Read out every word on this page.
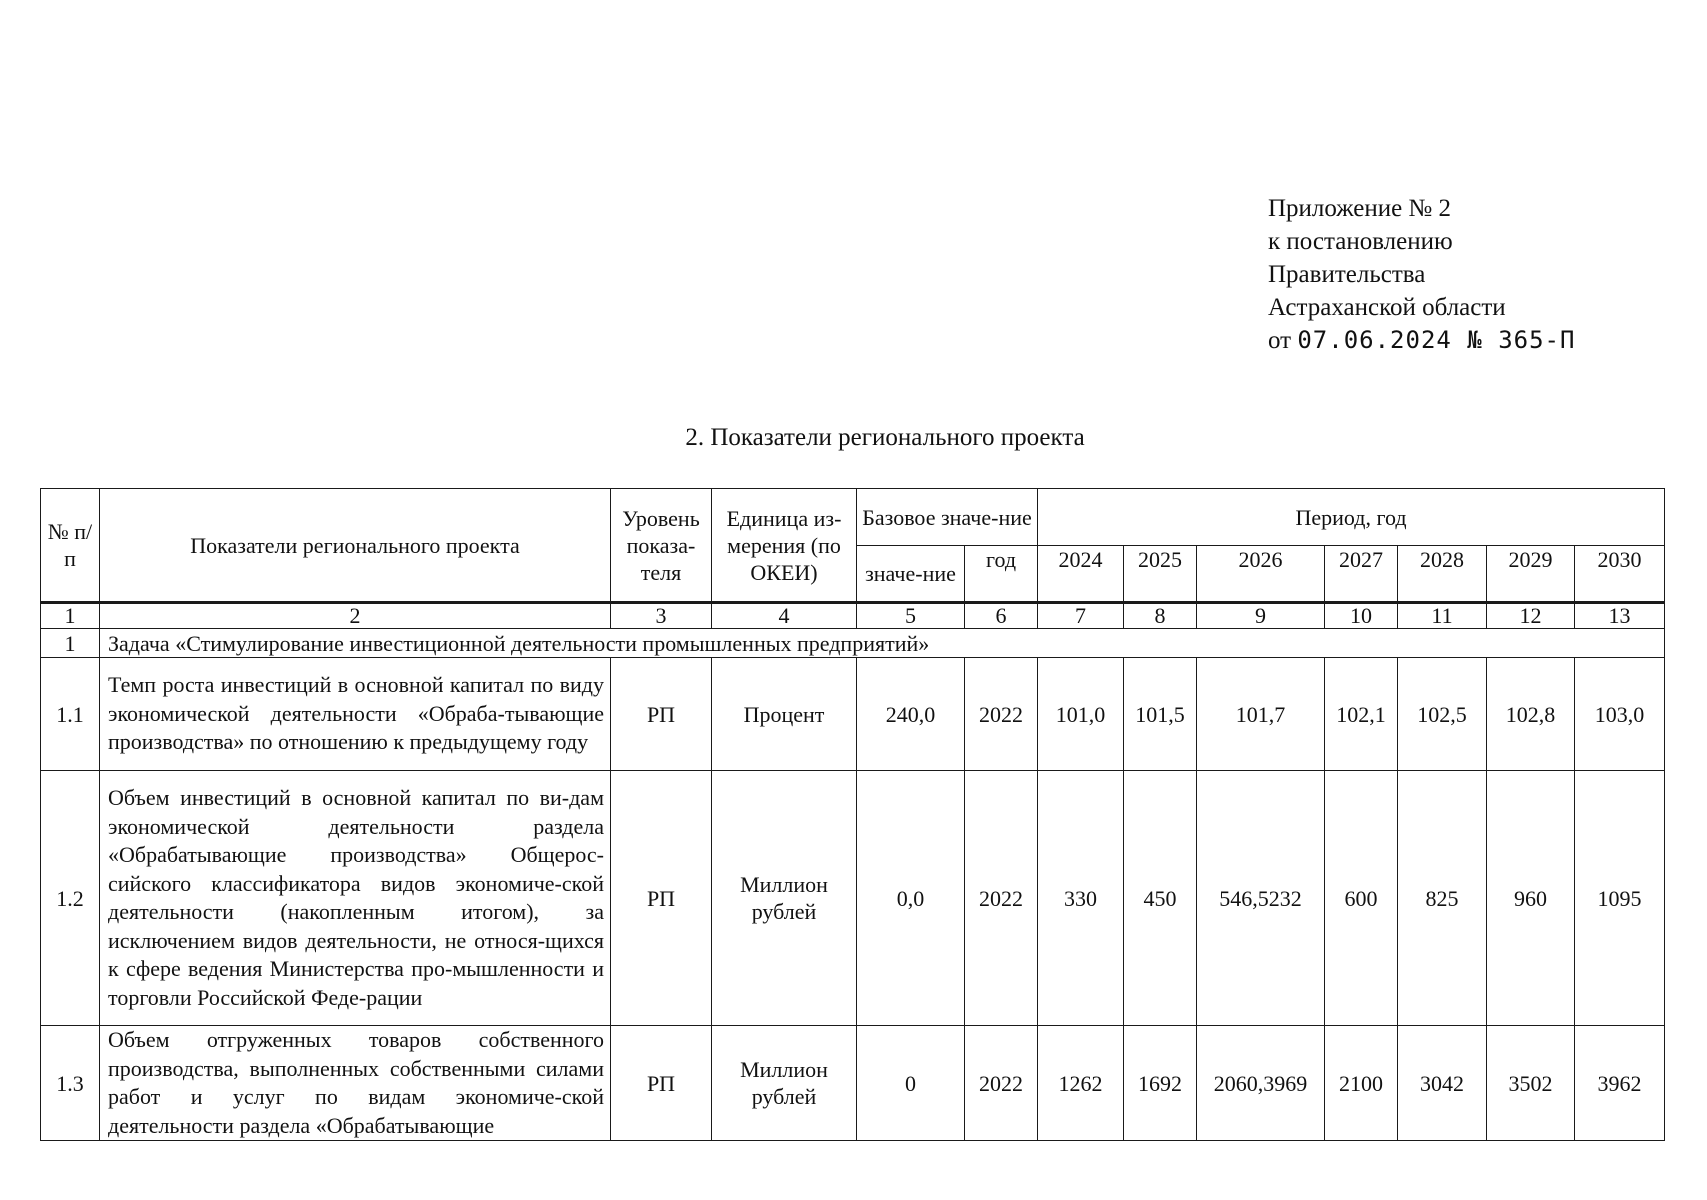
Приложение № 2
к постановлению
Правительства
Астраханской области
от 07.06.2024 № 365-П
2. Показатели регионального проекта
№ п/п	Показатели регионального проекта	Уровень показа-теля	Единица из-мерения (по ОКЕИ)	Базовое значе-ние		Период, год						
				значе-ние	год	2024	2025	2026	2027	2028	2029	2030
1	2	3	4	5	6	7	8	9	10	11	12	13
1	Задача «Стимулирование инвестиционной деятельности промышленных предприятий»											
1.1	Темп роста инвестиций в основной капитал по виду экономической деятельности «Обраба-тывающие производства» по отношению к предыдущему году	РП	Процент	240,0	2022	101,0	101,5	101,7	102,1	102,5	102,8	103,0
1.2	Объем инвестиций в основной капитал по ви-дам экономической деятельности раздела «Обрабатывающие производства» Общерос-сийского классификатора видов экономиче-ской деятельности (накопленным итогом), за исключением видов деятельности, не относя-щихся к сфере ведения Министерства про-мышленности и торговли Российской Феде-рации	РП	Миллион рублей	0,0	2022	330	450	546,5232	600	825	960	1095
1.3	Объем отгруженных товаров собственного производства, выполненных собственными силами работ и услуг по видам экономиче-ской деятельности раздела «Обрабатывающие	РП	Миллион рублей	0	2022	1262	1692	2060,3969	2100	3042	3502	3962
